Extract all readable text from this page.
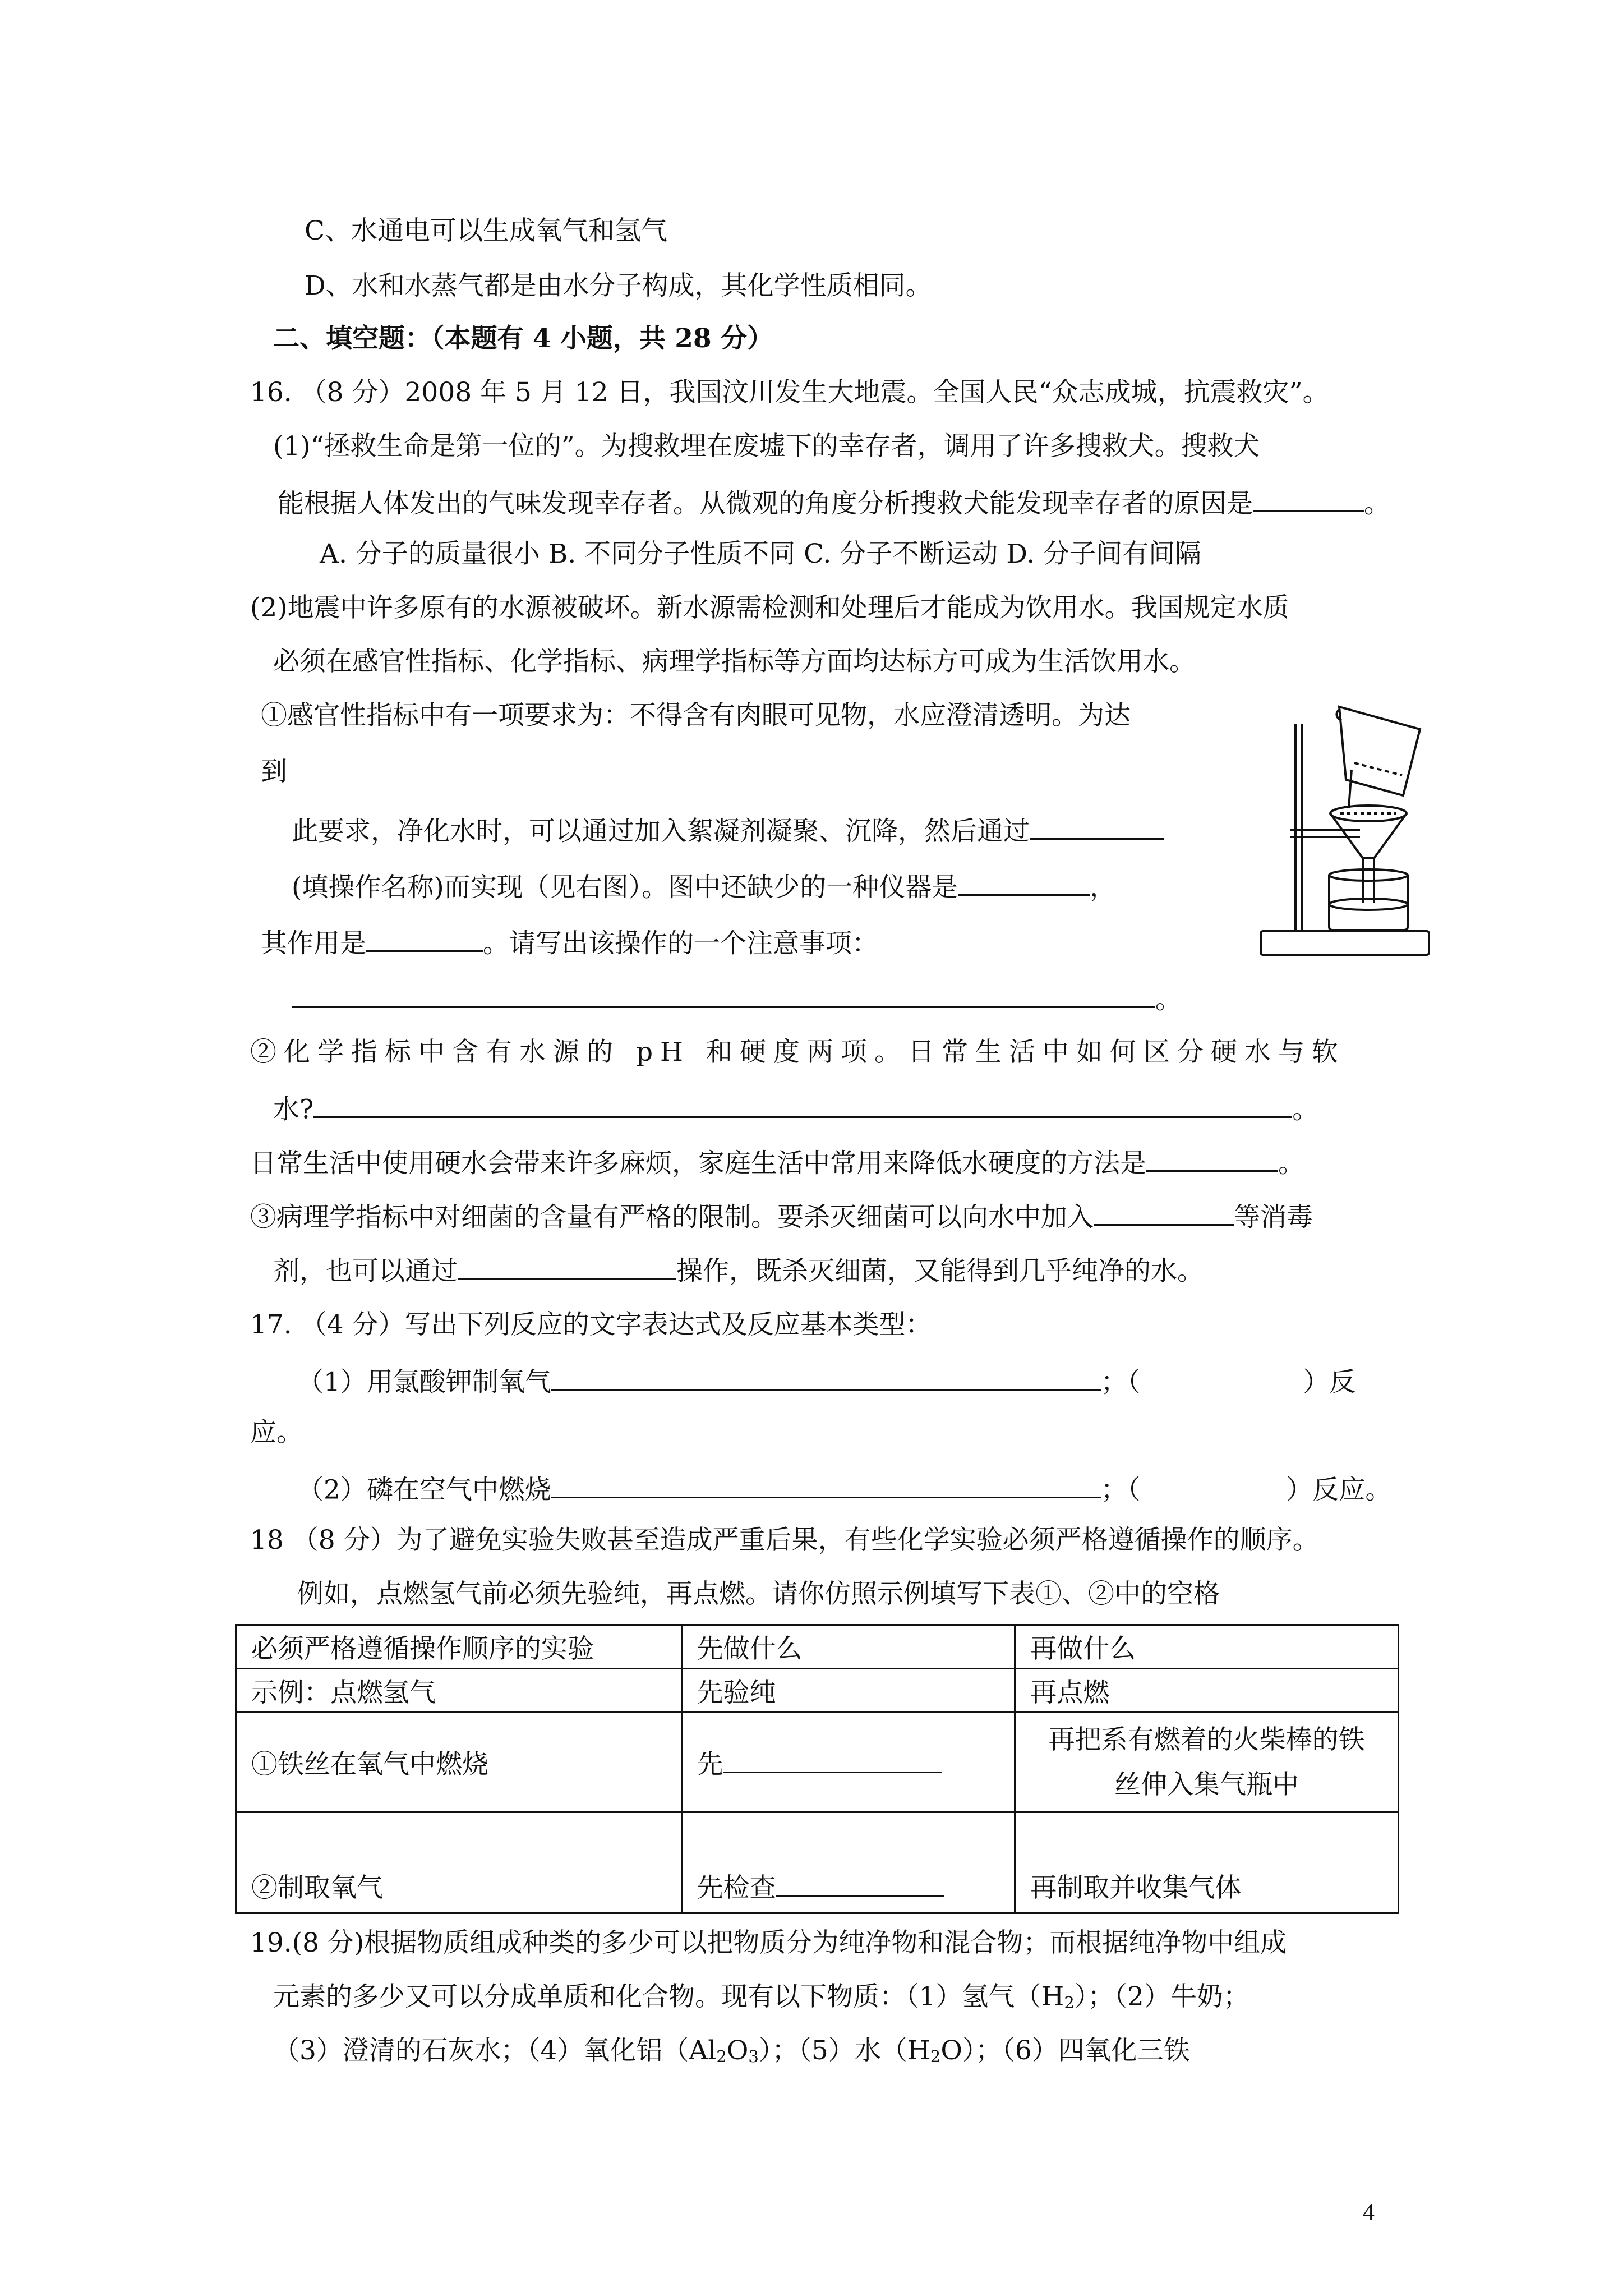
C、水通电可以生成氧气和氢气
D、水和水蒸气都是由水分子构成，其化学性质相同。
二、填空题：（本题有 4 小题，共 28 分）
16. （8 分）2008 年 5 月 12 日，我国汶川发生大地震。全国人民“众志成城，抗震救灾”。
(1)“拯救生命是第一位的”。为搜救埋在废墟下的幸存者，调用了许多搜救犬。搜救犬
能根据人体发出的气味发现幸存者。从微观的角度分析搜救犬能发现幸存者的原因是	。
A. 分子的质量很小 B. 不同分子性质不同 C. 分子不断运动 D. 分子间有间隔
(2)地震中许多原有的水源被破坏。新水源需检测和处理后才能成为饮用水。我国规定水质
必须在感官性指标、化学指标、病理学指标等方面均达标方可成为生活饮用水。
①感官性指标中有一项要求为：不得含有肉眼可见物，水应澄清透明。为达
到
此要求，净化水时，可以通过加入絮凝剂凝聚、沉降，然后通过
(填操作名称)而实现（见右图）。图中还缺少的一种仪器是	，
其作用是	。请写出该操作的一个注意事项：
。
②化学指标中含有水源的 pH 和硬度两项。日常生活中如何区分硬水与软
水?	。
日常生活中使用硬水会带来许多麻烦，家庭生活中常用来降低水硬度的方法是	。
③病理学指标中对细菌的含量有严格的限制。要杀灭细菌可以向水中加入	等消毒
剂，也可以通过	操作，既杀灭细菌，又能得到几乎纯净的水。
17. （4 分）写出下列反应的文字表达式及反应基本类型：
（1）用氯酸钾制氧气	；（	）反
应。
（2）磷在空气中燃烧	；（	）反应。
18 （8 分）为了避免实验失败甚至造成严重后果，有些化学实验必须严格遵循操作的顺序。
例如，点燃氢气前必须先验纯，再点燃。请你仿照示例填写下表①、②中的空格
必须严格遵循操作顺序的实验	先做什么	再做什么
示例：点燃氢气	先验纯	再点燃
①铁丝在氧气中燃烧	先	再把系有燃着的火柴棒的铁
丝伸入集气瓶中
②制取氧气	先检查	再制取并收集气体
19.(8 分)根据物质组成种类的多少可以把物质分为纯净物和混合物；而根据纯净物中组成
元素的多少又可以分成单质和化合物。现有以下物质：（1）氢气（H2）；（2）牛奶；
（3）澄清的石灰水；（4）氧化铝（Al2O3）；（5）水（H2O）；（6）四氧化三铁
4
